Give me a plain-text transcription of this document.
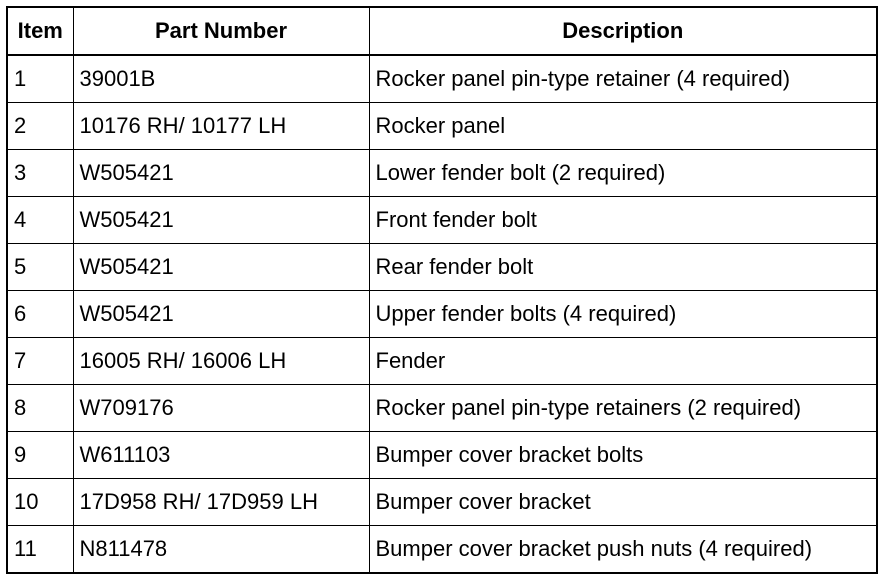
Item	Part Number	Description
1	39001B	Rocker panel pin-type retainer (4 required)
2	10176 RH/ 10177 LH	Rocker panel
3	W505421	Lower fender bolt (2 required)
4	W505421	Front fender bolt
5	W505421	Rear fender bolt
6	W505421	Upper fender bolts (4 required)
7	16005 RH/ 16006 LH	Fender
8	W709176	Rocker panel pin-type retainers (2 required)
9	W611103	Bumper cover bracket bolts
10	17D958 RH/ 17D959 LH	Bumper cover bracket
11	N811478	Bumper cover bracket push nuts (4 required)
